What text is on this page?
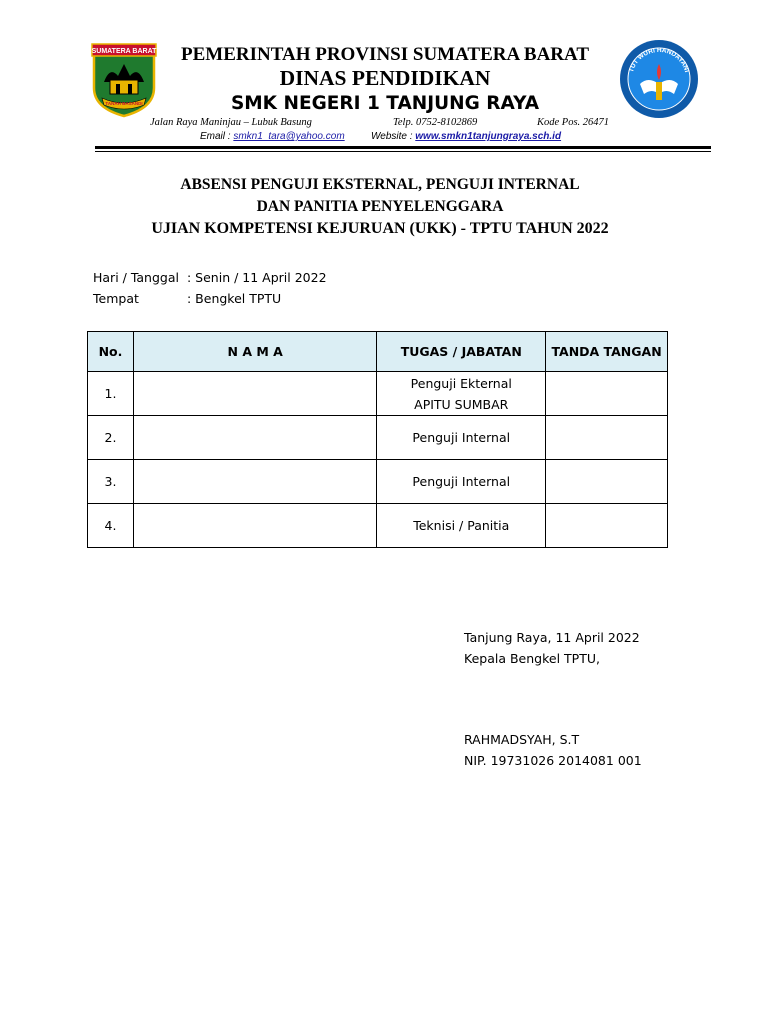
SUMATERA BARAT
TANAH BASANDI
TUT WURI HANDAYANI
PEMERINTAH PROVINSI SUMATERA BARAT
DINAS PENDIDIKAN
SMK NEGERI 1 TANJUNG RAYA
Jalan Raya Maninjau – Lubuk Basung	Telp. 0752-8102869	Kode Pos. 26471
Email : smkn1_tara@yahoo.com	Website : www.smkn1tanjungraya.sch.id
ABSENSI PENGUJI EKSTERNAL, PENGUJI INTERNAL
DAN PANITIA PENYELENGGARA
UJIAN KOMPETENSI KEJURUAN (UKK) - TPTU TAHUN 2022
Hari / Tanggal : Senin / 11 April 2022
Tempat	: Bengkel TPTU
No.	N A M A	TUGAS / JABATAN	TANDA TANGAN
1.		Penguji Ekternal
APITU SUMBAR	

2.		Penguji Internal	
3.		Penguji Internal	
4.		Teknisi / Panitia	
Tanjung Raya, 11 April 2022
Kepala Bengkel TPTU,
RAHMADSYAH, S.T
NIP. 19731026 2014081 001
